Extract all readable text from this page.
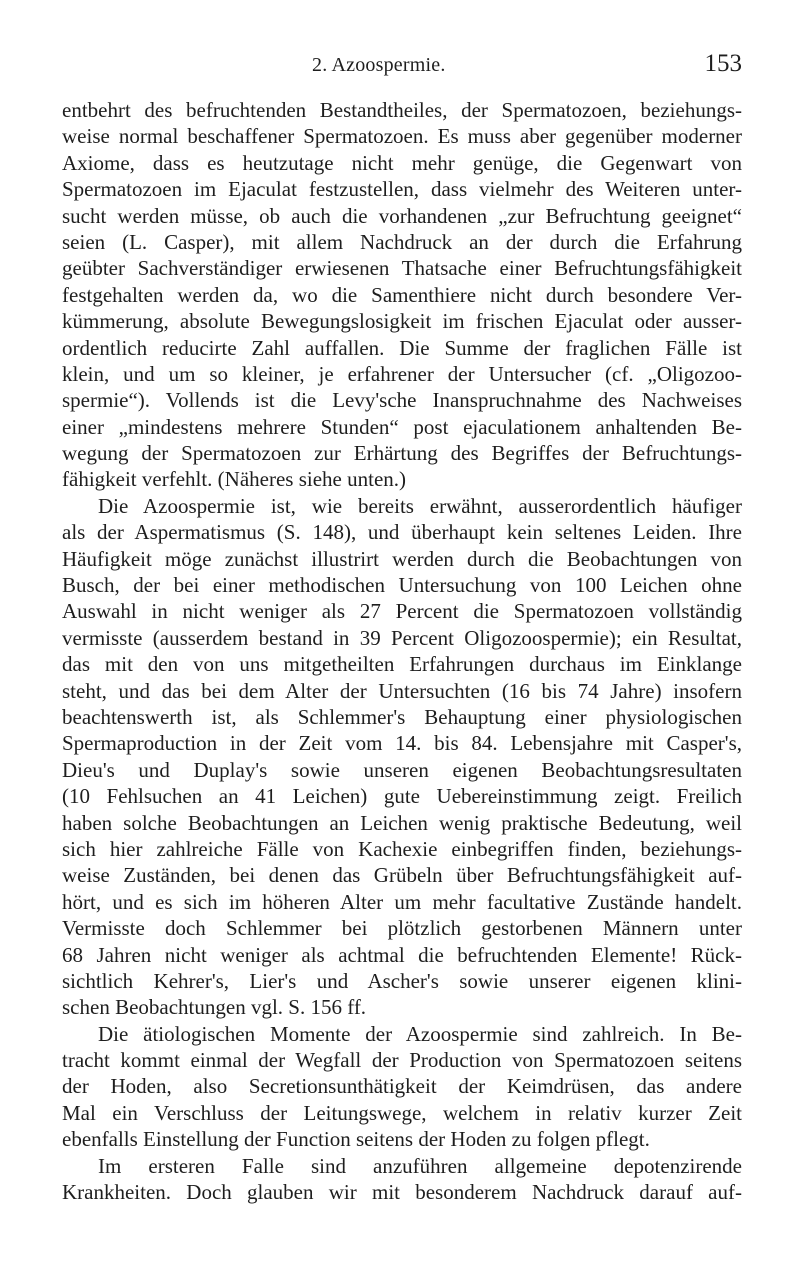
2. Azoospermie.	153
entbehrt des befruchtenden Bestandtheiles, der Spermatozoen, beziehungs-
weise normal beschaffener Spermatozoen. Es muss aber gegenüber moderner
Axiome, dass es heutzutage nicht mehr genüge, die Gegenwart von
Spermatozoen im Ejaculat festzustellen, dass vielmehr des Weiteren unter-
sucht werden müsse, ob auch die vorhandenen „zur Befruchtung geeignet“
seien (L. Casper), mit allem Nachdruck an der durch die Erfahrung
geübter Sachverständiger erwiesenen Thatsache einer Befruchtungsfähigkeit
festgehalten werden da, wo die Samenthiere nicht durch besondere Ver-
kümmerung, absolute Bewegungslosigkeit im frischen Ejaculat oder ausser-
ordentlich reducirte Zahl auffallen. Die Summe der fraglichen Fälle ist
klein, und um so kleiner, je erfahrener der Untersucher (cf. „Oligozoo-
spermie“). Vollends ist die Levy'sche Inanspruchnahme des Nachweises
einer „mindestens mehrere Stunden“ post ejaculationem anhaltenden Be-
wegung der Spermatozoen zur Erhärtung des Begriffes der Befruchtungs-
fähigkeit verfehlt. (Näheres siehe unten.)
Die Azoospermie ist, wie bereits erwähnt, ausserordentlich häufiger
als der Aspermatismus (S. 148), und überhaupt kein seltenes Leiden. Ihre
Häufigkeit möge zunächst illustrirt werden durch die Beobachtungen von
Busch, der bei einer methodischen Untersuchung von 100 Leichen ohne
Auswahl in nicht weniger als 27 Percent die Spermatozoen vollständig
vermisste (ausserdem bestand in 39 Percent Oligozoospermie); ein Resultat,
das mit den von uns mitgetheilten Erfahrungen durchaus im Einklange
steht, und das bei dem Alter der Untersuchten (16 bis 74 Jahre) insofern
beachtenswerth ist, als Schlemmer's Behauptung einer physiologischen
Spermaproduction in der Zeit vom 14. bis 84. Lebensjahre mit Casper's,
Dieu's und Duplay's sowie unseren eigenen Beobachtungsresultaten
(10 Fehlsuchen an 41 Leichen) gute Uebereinstimmung zeigt. Freilich
haben solche Beobachtungen an Leichen wenig praktische Bedeutung, weil
sich hier zahlreiche Fälle von Kachexie einbegriffen finden, beziehungs-
weise Zuständen, bei denen das Grübeln über Befruchtungsfähigkeit auf-
hört, und es sich im höheren Alter um mehr facultative Zustände handelt.
Vermisste doch Schlemmer bei plötzlich gestorbenen Männern unter
68 Jahren nicht weniger als achtmal die befruchtenden Elemente! Rück-
sichtlich Kehrer's, Lier's und Ascher's sowie unserer eigenen klini-
schen Beobachtungen vgl. S. 156 ff.
Die ätiologischen Momente der Azoospermie sind zahlreich. In Be-
tracht kommt einmal der Wegfall der Production von Spermatozoen seitens
der Hoden, also Secretionsunthätigkeit der Keimdrüsen, das andere
Mal ein Verschluss der Leitungswege, welchem in relativ kurzer Zeit
ebenfalls Einstellung der Function seitens der Hoden zu folgen pflegt.
Im ersteren Falle sind anzuführen allgemeine depotenzirende
Krankheiten. Doch glauben wir mit besonderem Nachdruck darauf auf-
